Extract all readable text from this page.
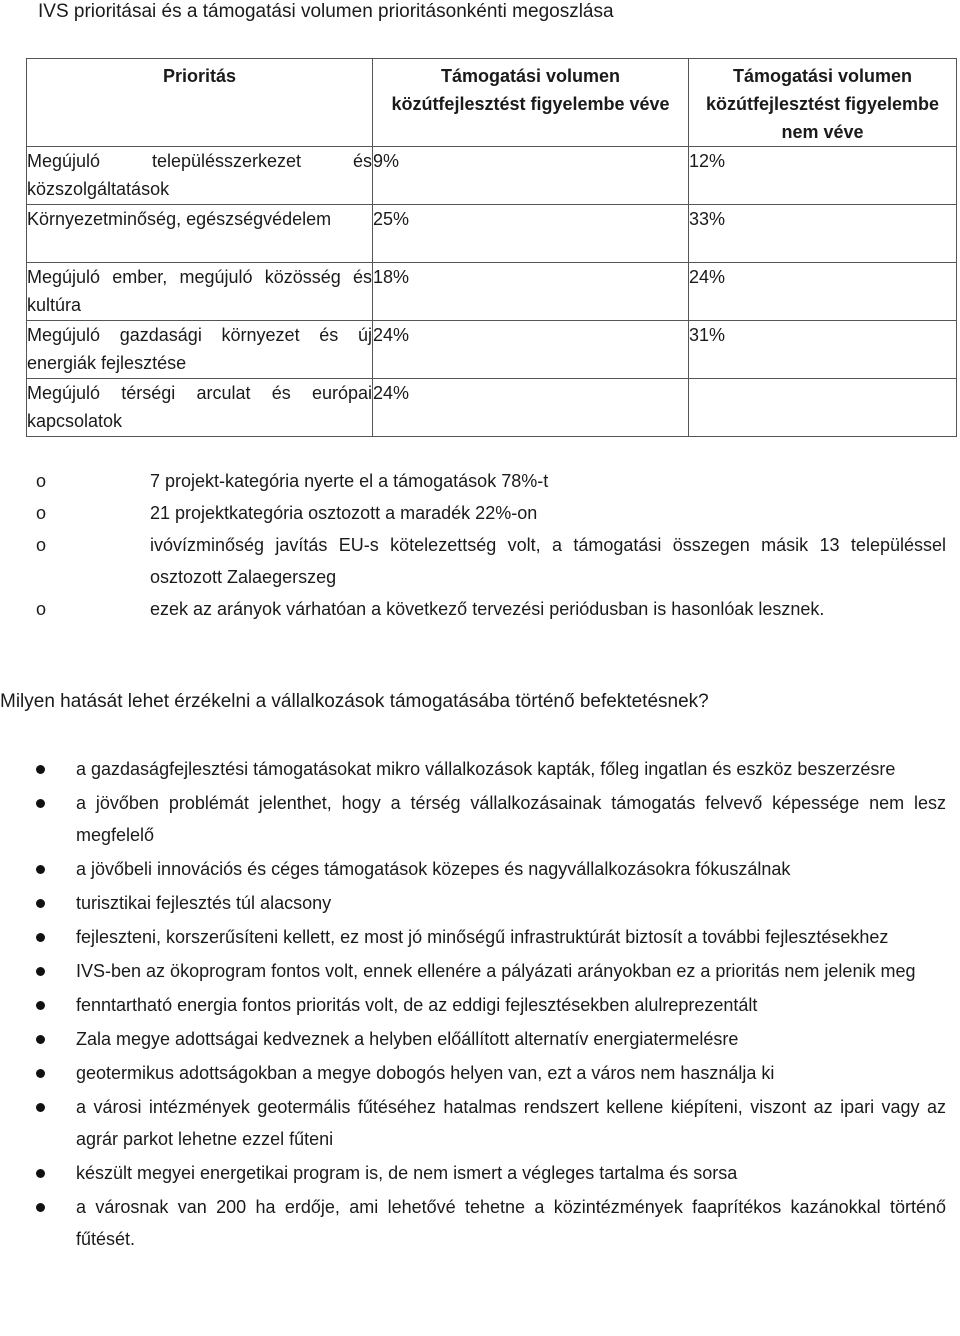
IVS prioritásai és a támogatási volumen prioritásonkénti megoszlása
Prioritás	Támogatási volumen közútfejlesztést figyelembe véve	Támogatási volumen közútfejlesztést figyelembe nem véve
Megújuló településszerkezet és közszolgáltatások	9%	12%
Környezetminőség, egészségvédelem	25%	33%
Megújuló ember, megújuló közösség és kultúra	18%	24%
Megújuló gazdasági környezet és új energiák fejlesztése	24%	31%
Megújuló térségi arculat és európai kapcsolatok	24%	
o	7 projekt-kategória nyerte el a támogatások 78%-t
o	21 projektkategória osztozott a maradék 22%-on
o	ivóvízminőség javítás EU-s kötelezettség volt, a támogatási összegen másik 13 településsel osztozott Zalaegerszeg
o	ezek az arányok várhatóan a következő tervezési periódusban is hasonlóak lesznek.

Milyen hatását lehet érzékelni a vállalkozások támogatásába történő befektetésnek?

a gazdaságfejlesztési támogatásokat mikro vállalkozások kapták, főleg ingatlan és eszköz beszerzésre
a jövőben problémát jelenthet, hogy a térség vállalkozásainak támogatás felvevő képessége nem lesz megfelelő
a jövőbeli innovációs és céges támogatások közepes és nagyvállalkozásokra fókuszálnak
turisztikai fejlesztés túl alacsony
fejleszteni, korszerűsíteni kellett, ez most jó minőségű infrastruktúrát biztosít a további fejlesztésekhez
IVS-ben az ökoprogram fontos volt, ennek ellenére a pályázati arányokban ez a prioritás nem jelenik meg
fenntartható energia fontos prioritás volt, de az eddigi fejlesztésekben alulreprezentált
Zala megye adottságai kedveznek a helyben előállított alternatív energiatermelésre
geotermikus adottságokban a megye dobogós helyen van, ezt a város nem használja ki
a városi intézmények geotermális fűtéséhez hatalmas rendszert kellene kiépíteni, viszont az ipari vagy az agrár parkot lehetne ezzel fűteni
készült megyei energetikai program is, de nem ismert a végleges tartalma és sorsa
a városnak van 200 ha erdője, ami lehetővé tehetne a közintézmények faaprítékos kazánokkal történő fűtését.
